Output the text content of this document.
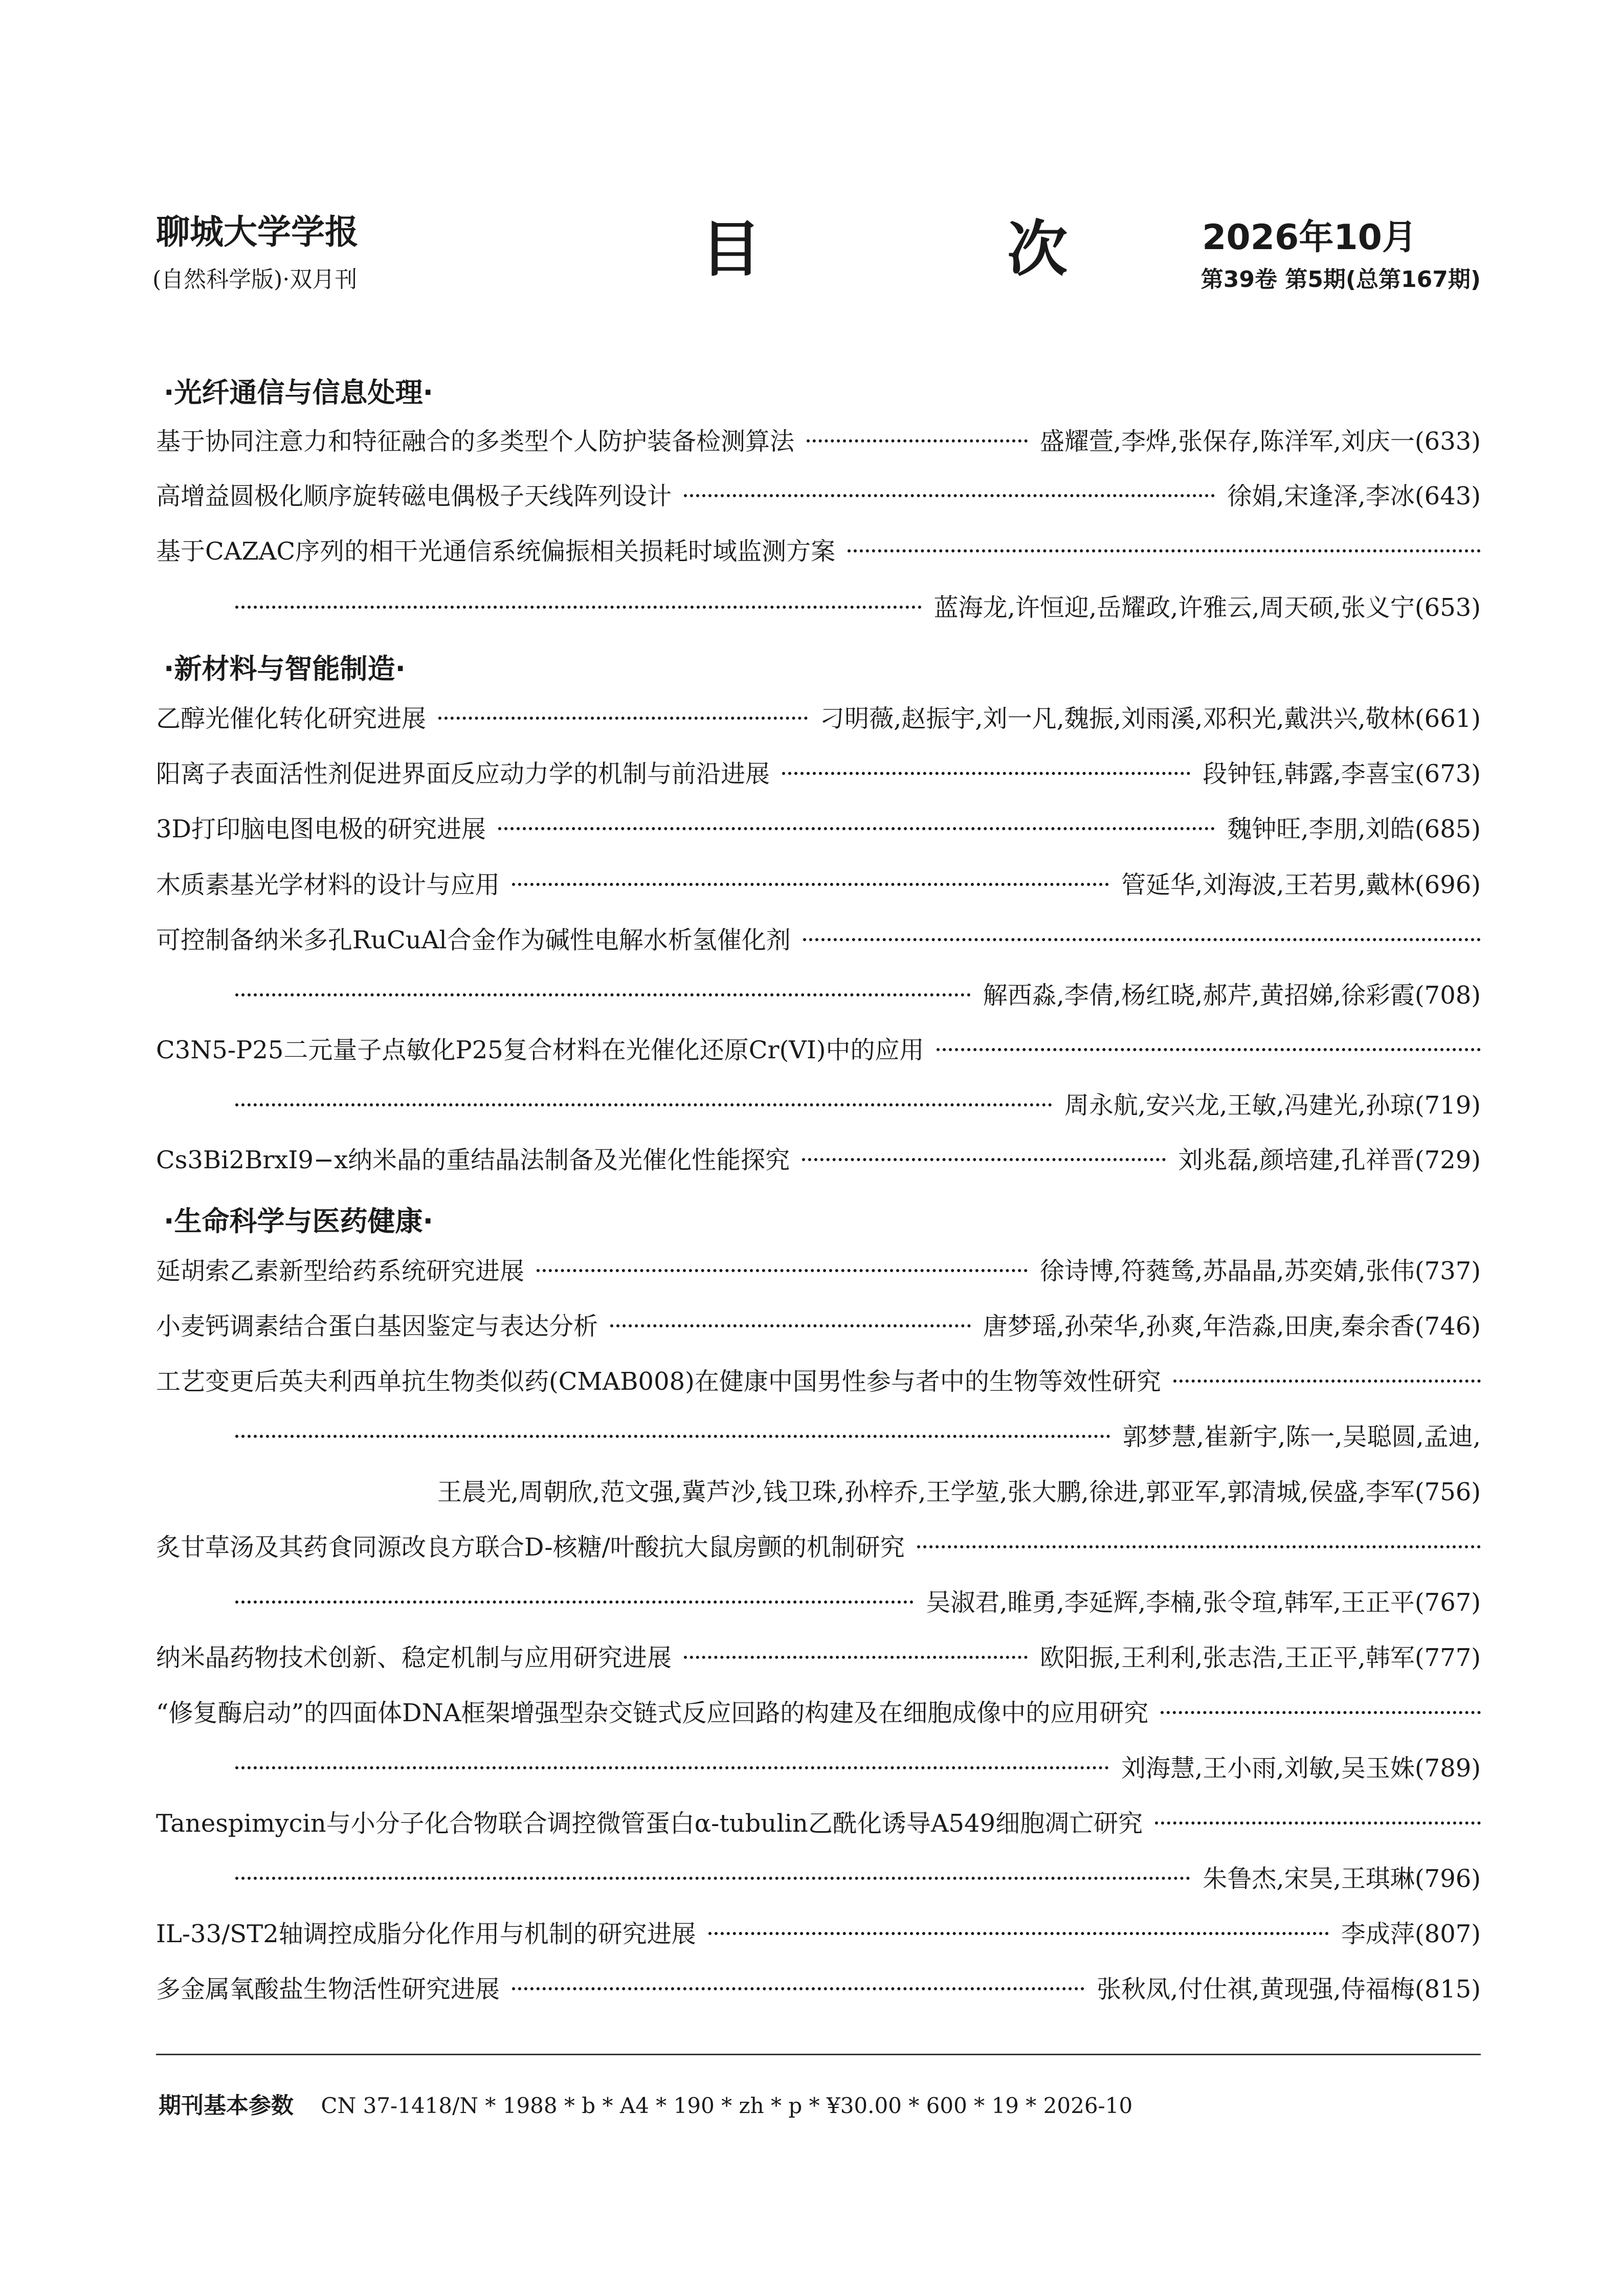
聊城大学学报
(自然科学版)·双月刊	目 次 2026年10月
第39卷 第5期(总第167期)
·光纤通信与信息处理·
基于协同注意力和特征融合的多类型个人防护装备检测算法	盛耀萱,李烨,张保存,陈洋军,刘庆一 (633)
高增益圆极化顺序旋转磁电偶极子天线阵列设计	徐娟,宋逢泽,李冰 (643)
基于CAZAC序列的相干光通信系统偏振相关损耗时域监测方案
蓝海龙,许恒迎,岳耀政,许雅云,周天硕,张义宁 (653)
·新材料与智能制造·
乙醇光催化转化研究进展	刁明薇,赵振宇,刘一凡,魏振,刘雨溪,邓积光,戴洪兴,敬林 (661)
阳离子表面活性剂促进界面反应动力学的机制与前沿进展	段钟钰,韩露,李喜宝 (673)
3D打印脑电图电极的研究进展	魏钟旺,李朋,刘皓 (685)
木质素基光学材料的设计与应用	管延华,刘海波,王若男,戴林 (696)
可控制备纳米多孔RuCuAl合金作为碱性电解水析氢催化剂
解西淼,李倩,杨红晓,郝芹,黄招娣,徐彩霞 (708)
C3N5-P25二元量子点敏化P25复合材料在光催化还原Cr(VI)中的应用
周永航,安兴龙,王敏,冯建光,孙琼 (719)
Cs3Bi2BrxI9−x纳米晶的重结晶法制备及光催化性能探究	刘兆磊,颜培建,孔祥晋 (729)
·生命科学与医药健康·
延胡索乙素新型给药系统研究进展	徐诗博,符蕤鸶,苏晶晶,苏奕婧,张伟 (737)
小麦钙调素结合蛋白基因鉴定与表达分析	唐梦瑶,孙荣华,孙爽,年浩淼,田庚,秦余香 (746)
工艺变更后英夫利西单抗生物类似药(CMAB008)在健康中国男性参与者中的生物等效性研究
郭梦慧,崔新宇,陈一,吴聪圆,孟迪,
王晨光,周朝欣,范文强,冀芦沙,钱卫珠,孙梓乔,王学堃,张大鹏,徐进,郭亚军,郭清城,侯盛,李军 (756)
炙甘草汤及其药食同源改良方联合D-核糖/叶酸抗大鼠房颤的机制研究
吴淑君,睢勇,李延辉,李楠,张令瑄,韩军,王正平 (767)
纳米晶药物技术创新、稳定机制与应用研究进展	欧阳振,王利利,张志浩,王正平,韩军 (777)
“修复酶启动”的四面体DNA框架增强型杂交链式反应回路的构建及在细胞成像中的应用研究
刘海慧,王小雨,刘敏,吴玉姝 (789)
Tanespimycin与小分子化合物联合调控微管蛋白α-tubulin乙酰化诱导A549细胞凋亡研究
朱鲁杰,宋昊,王琪琳 (796)
IL-33/ST2轴调控成脂分化作用与机制的研究进展	李成萍 (807)
多金属氧酸盐生物活性研究进展	张秋凤,付仕祺,黄现强,侍福梅 (815)
期刊基本参数 CN 37-1418/N * 1988 * b * A4 * 190 * zh * p * ¥30.00 * 600 * 19 * 2026-10
